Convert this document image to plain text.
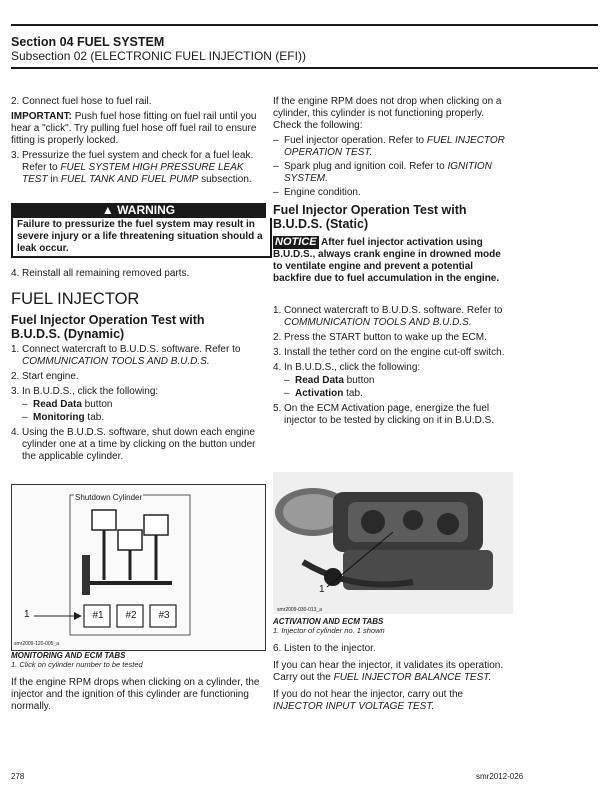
Section 04 FUEL SYSTEM
Subsection 02 (ELECTRONIC FUEL INJECTION (EFI))
2. Connect fuel hose to fuel rail.

IMPORTANT: Push fuel hose fitting on fuel rail until you hear a "click". Try pulling fuel hose off fuel rail to ensure fitting is properly locked.

3. Pressurize the fuel system and check for a fuel leak. Refer to FUEL SYSTEM HIGH PRESSURE LEAK TEST in FUEL TANK AND FUEL PUMP subsection.
▲ WARNING
Failure to pressurize the fuel system may result in severe injury or a life threatening situation should a leak occur.
4. Reinstall all remaining removed parts.
FUEL INJECTOR
Fuel Injector Operation Test with
B.U.D.S. (Dynamic)
1. Connect watercraft to B.U.D.S. software. Refer to COMMUNICATION TOOLS AND B.U.D.S.
2. Start engine.
3. In B.U.D.S., click the following:
– Read Data button
– Monitoring tab.
4. Using the B.U.D.S. software, shut down each engine cylinder one at a time by clicking on the button under the applicable cylinder.
Shutdown Cylinder
1	#1	#2	#3
smr2009-120-005_a
MONITORING AND ECM TABS
1. Click on cylinder number to be tested

If the engine RPM drops when clicking on a cylinder, the injector and the ignition of this cylinder are functioning normally.

If the engine RPM does not drop when clicking on a cylinder, this cylinder is not functioning properly. Check the following:

– Fuel injector operation. Refer to FUEL INJECTOR OPERATION TEST.
– Spark plug and ignition coil. Refer to IGNITION SYSTEM.
– Engine condition.
Fuel Injector Operation Test with
B.U.D.S. (Static)
NOTICE After fuel injector activation using B.U.D.S., always crank engine in drowned mode to ventilate engine and prevent a potential backfire due to fuel accumulation in the engine.
1. Connect watercraft to B.U.D.S. software. Refer to COMMUNICATION TOOLS AND B.U.D.S.
2. Press the START button to wake up the ECM.
3. Install the tether cord on the engine cut-off switch.
4. In B.U.D.S., click the following:
– Read Data button
– Activation tab.
5. On the ECM Activation page, energize the fuel injector to be tested by clicking on it in B.U.D.S.
1
smr2009-030-013_a
ACTIVATION AND ECM TABS
1. Injector of cylinder no. 1 shown
6. Listen to the injector.

If you can hear the injector, it validates its operation. Carry out the FUEL INJECTOR BALANCE TEST.

If you do not hear the injector, carry out the INJECTOR INPUT VOLTAGE TEST.

278	smr2012-026
